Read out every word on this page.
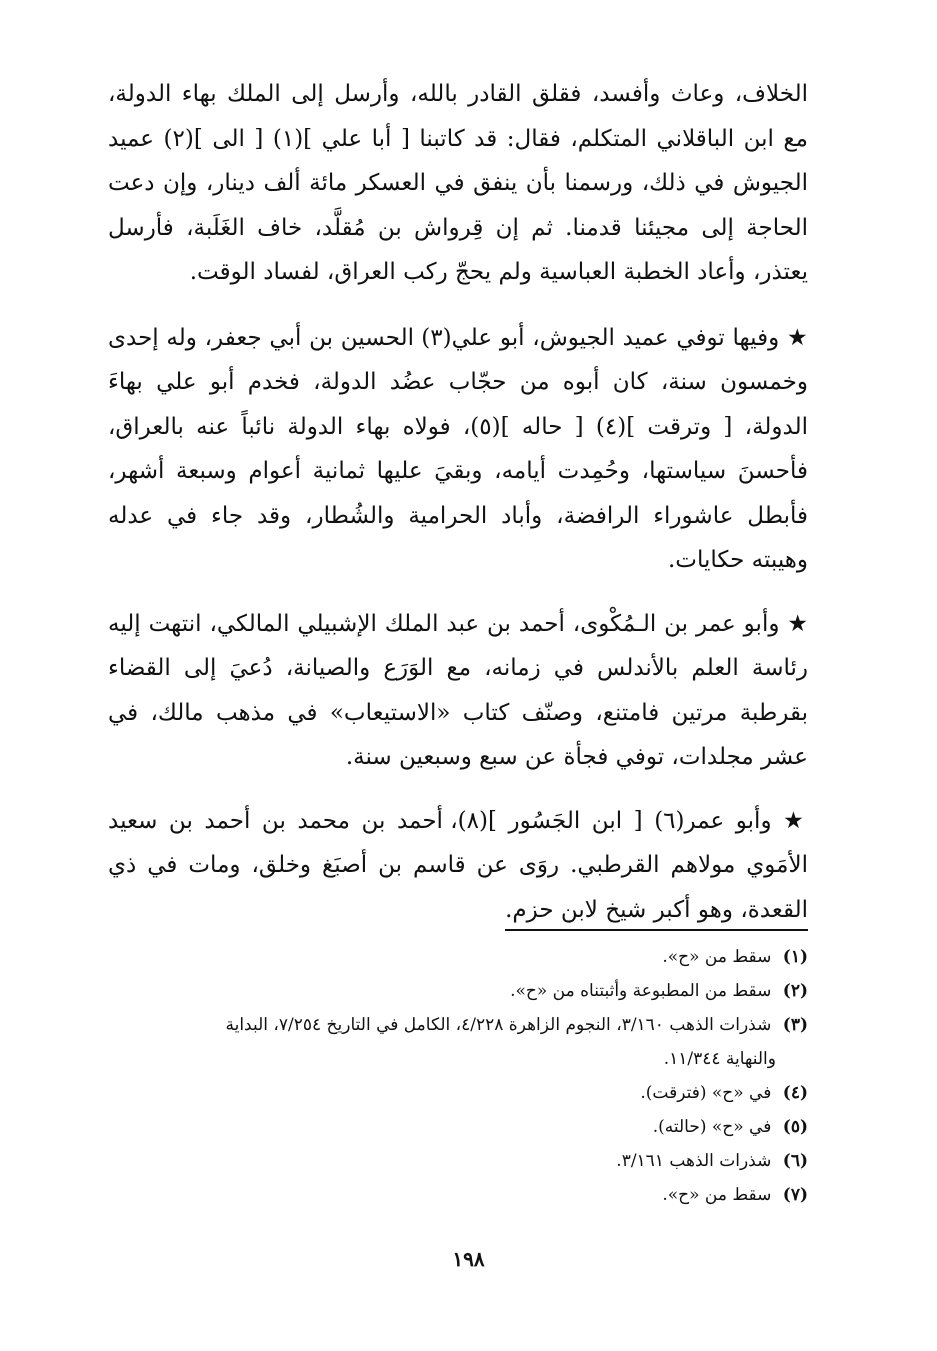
الخلاف، وعاث وأفسد، فقلق القادر بالله، وأرسل إلى الملك بهاء الدولة، مع ابن الباقلاني المتكلم، فقال: قد كاتبنا [ أبا علي ](١) [ الى ](٢) عميد الجيوش في ذلك، ورسمنا بأن ينفق في العسكر مائة ألف دينار، وإن دعت الحاجة إلى مجيئنا قدمنا. ثم إن قِرواش بن مُقلَّد، خاف الغَلَبة، فأرسل يعتذر، وأعاد الخطبة العباسية ولم يحجّ ركب العراق، لفساد الوقت.

★ وفيها توفي عميد الجيوش، أبو علي(٣) الحسين بن أبي جعفر، وله إحدى وخمسون سنة، كان أبوه من حجّاب عضُد الدولة، فخدم أبو علي بهاءَ الدولة، [ وترقت ](٤) [ حاله ](٥)، فولاه بهاء الدولة نائباً عنه بالعراق، فأحسنَ سياستها، وحُمِدت أيامه، وبقيَ عليها ثمانية أعوام وسبعة أشهر، فأبطل عاشوراء الرافضة، وأباد الحرامية والشُطار، وقد جاء في عدله وهيبته حكايات.

★ وأبو عمر بن الـمُكْوى، أحمد بن عبد الملك الإشبيلي المالكي، انتهت إليه رئاسة العلم بالأندلس في زمانه، مع الوَرَع والصيانة، دُعيَ إلى القضاء بقرطبة مرتين فامتنع، وصنّف كتاب «الاستيعاب» في مذهب مالك، في عشر مجلدات، توفي فجأة عن سبع وسبعين سنة.

★ وأبو عمر(٦) [ ابن الجَسُور ](٨)، أحمد بن محمد بن أحمد بن سعيد الأمَوي مولاهم القرطبي. روَى عن قاسم بن أصبَغ وخلق، ومات في ذي القعدة، وهو أكبر شيخ لابن حزم.

(١) سقط من «ح».
(٢) سقط من المطبوعة وأثبتناه من «ح».
(٣) شذرات الذهب ٣/١٦٠، النجوم الزاهرة ٤/٢٢٨، الكامل في التاريخ ٧/٢٥٤، البداية
والنهاية ١١/٣٤٤.
(٤) في «ح» (فترقت).
(٥) في «ح» (حالته).
(٦) شذرات الذهب ٣/١٦١.
(٧) سقط من «ح».
١٩٨
